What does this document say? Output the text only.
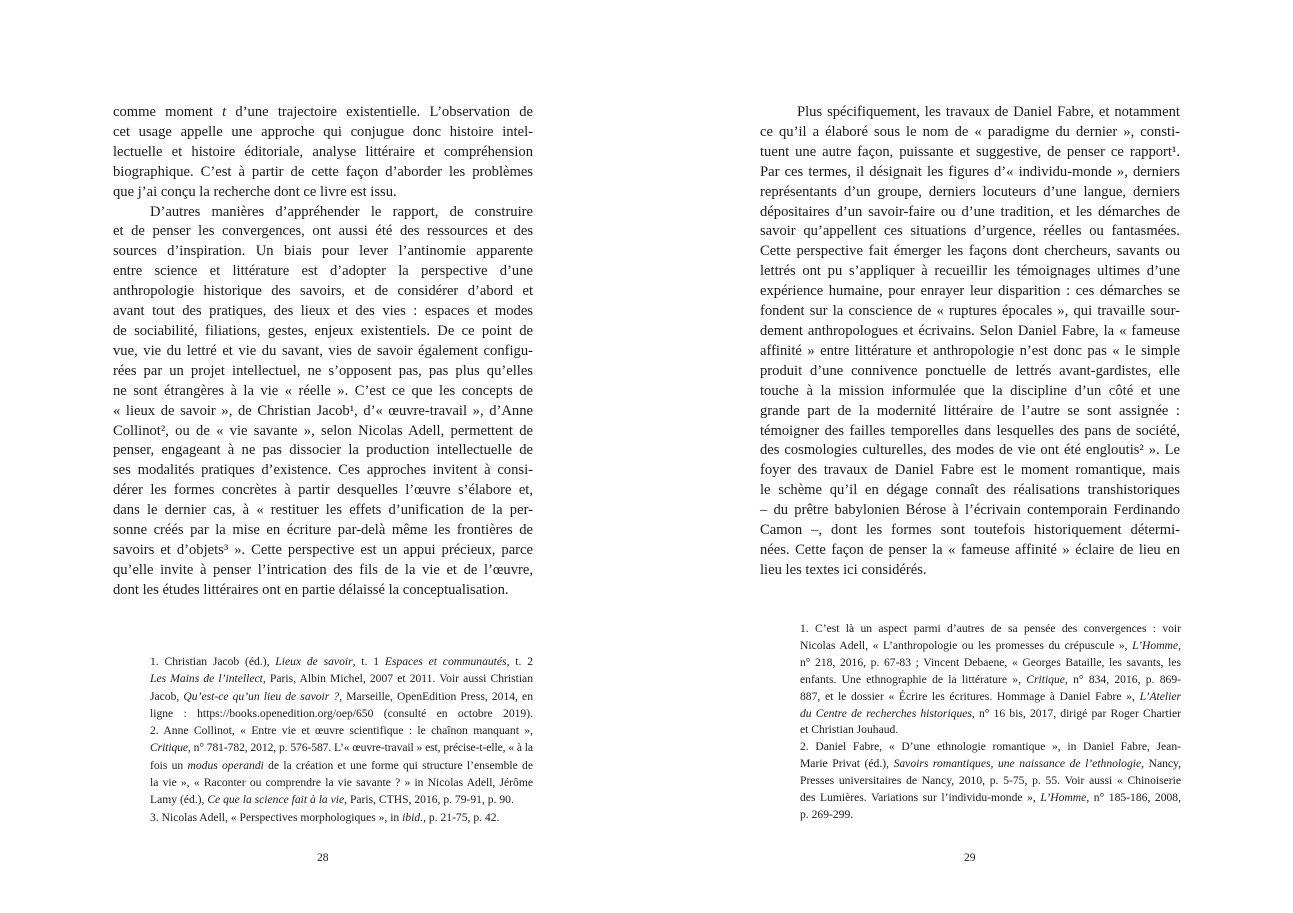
comme moment t d’une trajectoire existentielle. L’observation de
cet usage appelle une approche qui conjugue donc histoire intel-
lectuelle et histoire éditoriale, analyse littéraire et compréhension
biographique. C’est à partir de cette façon d’aborder les problèmes
que j’ai conçu la recherche dont ce livre est issu.
D’autres manières d’appréhender le rapport, de construire
et de penser les convergences, ont aussi été des ressources et des
sources d’inspiration. Un biais pour lever l’antinomie apparente
entre science et littérature est d’adopter la perspective d’une
anthropologie historique des savoirs, et de considérer d’abord et
avant tout des pratiques, des lieux et des vies : espaces et modes
de sociabilité, filiations, gestes, enjeux existentiels. De ce point de
vue, vie du lettré et vie du savant, vies de savoir également configu-
rées par un projet intellectuel, ne s’opposent pas, pas plus qu’elles
ne sont étrangères à la vie « réelle ». C’est ce que les concepts de
« lieux de savoir », de Christian Jacob¹, d’« œuvre-travail », d’Anne
Collinot², ou de « vie savante », selon Nicolas Adell, permettent de
penser, engageant à ne pas dissocier la production intellectuelle de
ses modalités pratiques d’existence. Ces approches invitent à consi-
dérer les formes concrètes à partir desquelles l’œuvre s’élabore et,
dans le dernier cas, à « restituer les effets d’unification de la per-
sonne créés par la mise en écriture par-delà même les frontières de
savoirs et d’objets³ ». Cette perspective est un appui précieux, parce
qu’elle invite à penser l’intrication des fils de la vie et de l’œuvre,
dont les études littéraires ont en partie délaissé la conceptualisation.
1. Christian Jacob (éd.), Lieux de savoir, t. 1 Espaces et communautés, t. 2
Les Mains de l’intellect, Paris, Albin Michel, 2007 et 2011. Voir aussi Christian
Jacob, Qu’est-ce qu’un lieu de savoir ?, Marseille, OpenEdition Press, 2014, en
ligne : https://books.openedition.org/oep/650 (consulté en octobre 2019).
2. Anne Collinot, « Entre vie et œuvre scientifique : le chaînon manquant »,
Critique, n° 781-782, 2012, p. 576-587. L’« œuvre-travail » est, précise-t-elle, « à la
fois un modus operandi de la création et une forme qui structure l’ensemble de
la vie », « Raconter ou comprendre la vie savante ? » in Nicolas Adell, Jérôme
Lamy (éd.), Ce que la science fait à la vie, Paris, CTHS, 2016, p. 79-91, p. 90.
3. Nicolas Adell, « Perspectives morphologiques », in ibid., p. 21-75, p. 42.
28
Plus spécifiquement, les travaux de Daniel Fabre, et notamment
ce qu’il a élaboré sous le nom de « paradigme du dernier », consti-
tuent une autre façon, puissante et suggestive, de penser ce rapport¹.
Par ces termes, il désignait les figures d’« individu-monde », derniers
représentants d’un groupe, derniers locuteurs d’une langue, derniers
dépositaires d’un savoir-faire ou d’une tradition, et les démarches de
savoir qu’appellent ces situations d’urgence, réelles ou fantasmées.
Cette perspective fait émerger les façons dont chercheurs, savants ou
lettrés ont pu s’appliquer à recueillir les témoignages ultimes d’une
expérience humaine, pour enrayer leur disparition : ces démarches se
fondent sur la conscience de « ruptures épocales », qui travaille sour-
dement anthropologues et écrivains. Selon Daniel Fabre, la « fameuse
affinité » entre littérature et anthropologie n’est donc pas « le simple
produit d’une connivence ponctuelle de lettrés avant-gardistes, elle
touche à la mission informulée que la discipline d’un côté et une
grande part de la modernité littéraire de l’autre se sont assignée :
témoigner des failles temporelles dans lesquelles des pans de société,
des cosmologies culturelles, des modes de vie ont été engloutis² ». Le
foyer des travaux de Daniel Fabre est le moment romantique, mais
le schème qu’il en dégage connaît des réalisations transhistoriques
– du prêtre babylonien Bérose à l’écrivain contemporain Ferdinando
Camon –, dont les formes sont toutefois historiquement détermi-
nées. Cette façon de penser la « fameuse affinité » éclaire de lieu en
lieu les textes ici considérés.
1. C’est là un aspect parmi d’autres de sa pensée des convergences : voir
Nicolas Adell, « L’anthropologie ou les promesses du crépuscule », L’Homme,
n° 218, 2016, p. 67-83 ; Vincent Debaene, « Georges Bataille, les savants, les
enfants. Une ethnographie de la littérature », Critique, n° 834, 2016, p. 869-
887, et le dossier « Écrire les écritures. Hommage à Daniel Fabre », L’Atelier
du Centre de recherches historiques, n° 16 bis, 2017, dirigé par Roger Chartier
et Christian Jouhaud.
2. Daniel Fabre, « D’une ethnologie romantique », in Daniel Fabre, Jean-
Marie Privat (éd.), Savoirs romantiques, une naissance de l’ethnologie, Nancy,
Presses universitaires de Nancy, 2010, p. 5-75, p. 55. Voir aussi « Chinoiserie
des Lumières. Variations sur l’individu-monde », L’Homme, n° 185-186, 2008,
p. 269-299.
29
